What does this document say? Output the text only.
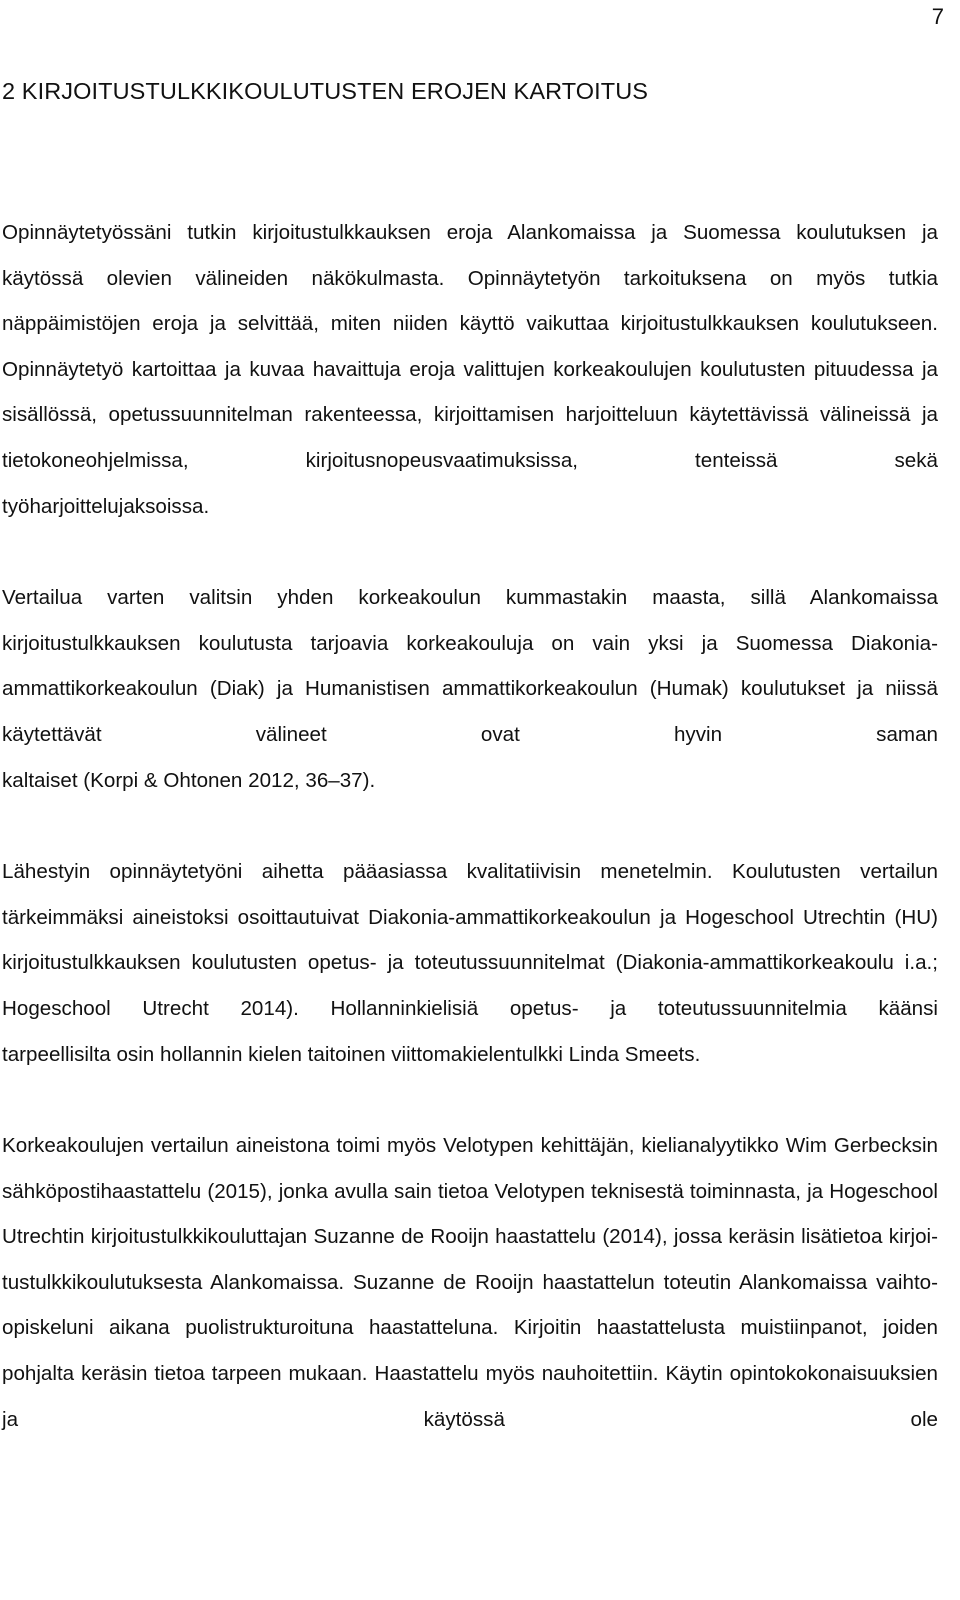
7
2 KIRJOITUSTULKKIKOULUTUSTEN EROJEN KARTOITUS

Opinnäytetyössäni tutkin kirjoitustulkkauksen eroja Alankomaissa ja Suomessa koulutuksen ja käytössä olevien välineiden näkökulmasta. Opinnäytetyön tarkoituksena on myös tutkia näppäimistöjen eroja ja selvittää, miten niiden käyttö vaikuttaa kirjoitustulkkauksen koulutukseen. Opinnäytetyö kartoittaa ja kuvaa havaittuja eroja valittujen korkeakoulujen koulutusten pituudessa ja sisällössä, opetussuunnitelman rakenteessa, kirjoittamisen harjoitteluun käytettävissä välineissä ja tietokoneohjelmissa, kirjoitusnopeusvaatimuksissa, tenteissä sekä
työharjoittelujaksoissa.

Vertailua varten valitsin yhden korkeakoulun kummastakin maasta, sillä Alankomaissa kirjoitustulkkauksen koulutusta tarjoavia korkeakouluja on vain yksi ja Suomessa Diakonia-ammattikorkeakoulun (Diak) ja Humanistisen ammattikorkeakoulun (Humak) koulutukset ja niissä käytettävät välineet ovat hyvin saman
kaltaiset (Korpi & Ohtonen 2012, 36–37).

Lähestyin opinnäytetyöni aihetta pääasiassa kvalitatiivisin menetelmin. Koulutusten vertailun tärkeimmäksi aineistoksi osoittautuivat Diakonia-ammattikorkeakoulun ja Hogeschool Utrechtin (HU) kirjoitustulkkauksen koulutusten opetus- ja toteutussuunnitelmat (Diakonia-ammattikorkeakoulu i.a.; Hogeschool Utrecht 2014). Hollanninkielisiä opetus- ja toteutussuunnitelmia käänsi
tarpeellisilta osin hollannin kielen taitoinen viittomakielentulkki Linda Smeets.

Korkeakoulujen vertailun aineistona toimi myös Velotypen kehittäjän, kielianalyytikko Wim Gerbecksin sähköpostihaastattelu (2015), jonka avulla sain tietoa Velotypen teknisestä toiminnasta, ja Hogeschool Utrechtin kirjoitustulkkikouluttajan Suzanne de Rooijn haastattelu (2014), jossa keräsin lisätietoa kirjoitustulkkikoulutuksesta Alankomaissa. Suzanne de Rooijn haastattelun toteutin Alankomaissa vaihto-opiskeluni aikana puolistrukturoituna haastatteluna. Kirjoitin haastattelusta muistiinpanot, joiden pohjalta keräsin tietoa tarpeen mukaan. Haastattelu myös nauhoitettiin. Käytin opintokokonaisuuksien ja käytössä ole
